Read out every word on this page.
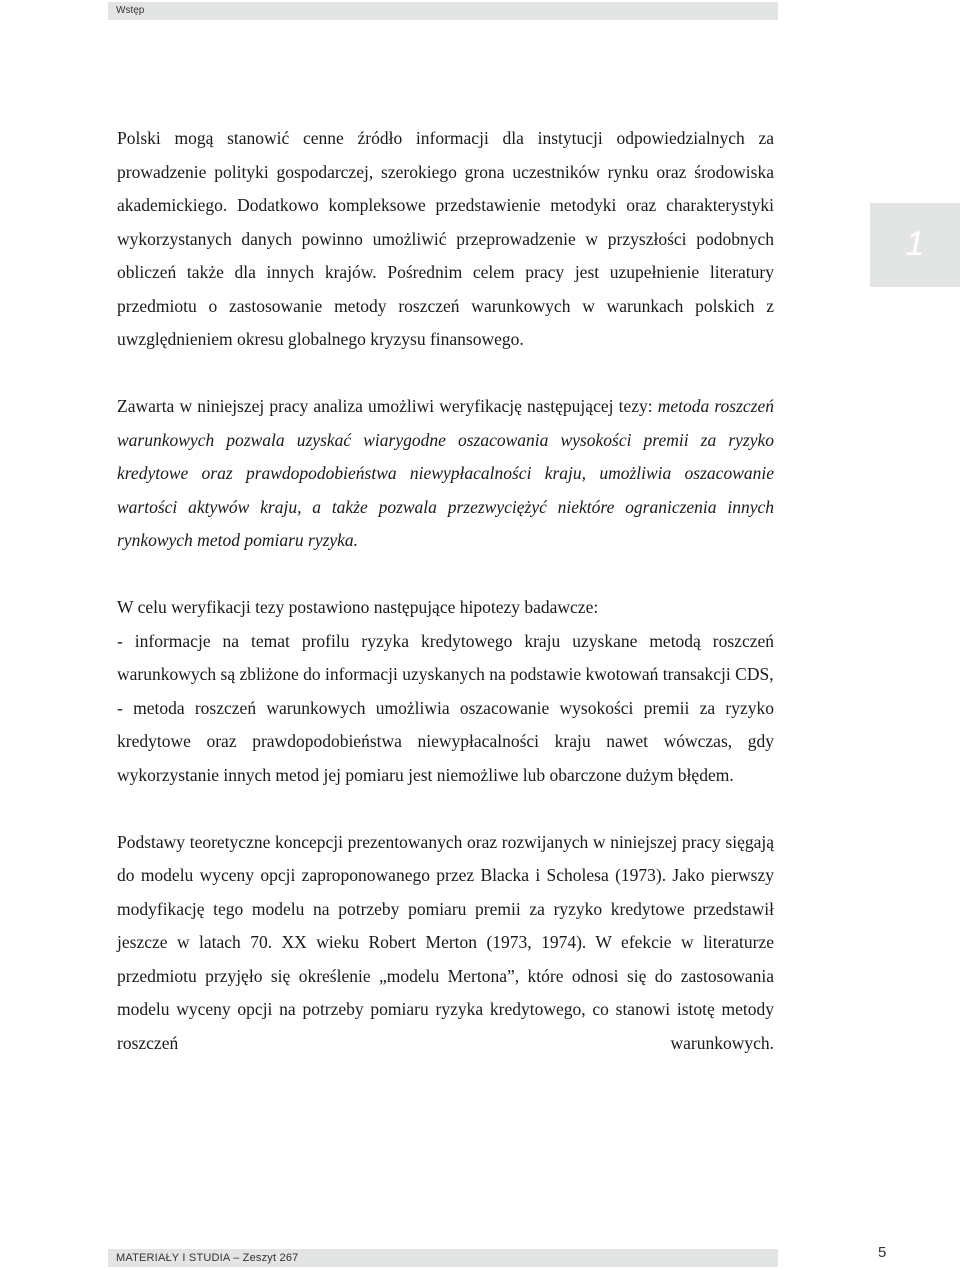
Wstęp
1

Polski mogą stanowić cenne źródło informacji dla instytucji odpowiedzialnych za prowadzenie polityki gospodarczej, szerokiego grona uczestników rynku oraz środowiska akademickiego. Dodatkowo kompleksowe przedstawienie metodyki oraz charakterystyki wykorzystanych danych powinno umożliwić przeprowadzenie w przyszłości podobnych obliczeń także dla innych krajów. Pośrednim celem pracy jest uzupełnienie literatury przedmiotu o zastosowanie metody roszczeń warunkowych w warunkach polskich z uwzględnieniem okresu globalnego kryzysu finansowego.

Zawarta w niniejszej pracy analiza umożliwi weryfikację następującej tezy: metoda roszczeń warunkowych pozwala uzyskać wiarygodne oszacowania wysokości premii za ryzyko kredytowe oraz prawdopodobieństwa niewypłacalności kraju, umożliwia oszacowanie wartości aktywów kraju, a także pozwala przezwyciężyć niektóre ograniczenia innych rynkowych metod pomiaru ryzyka.

W celu weryfikacji tezy postawiono następujące hipotezy badawcze:

- informacje na temat profilu ryzyka kredytowego kraju uzyskane metodą roszczeń warunkowych są zbliżone do informacji uzyskanych na podstawie kwotowań transakcji CDS,

- metoda roszczeń warunkowych umożliwia oszacowanie wysokości premii za ryzyko kredytowe oraz prawdopodobieństwa niewypłacalności kraju nawet wówczas, gdy wykorzystanie innych metod jej pomiaru jest niemożliwe lub obarczone dużym błędem.

Podstawy teoretyczne koncepcji prezentowanych oraz rozwijanych w niniejszej pracy sięgają do modelu wyceny opcji zaproponowanego przez Blacka i Scholesa (1973). Jako pierwszy modyfikację tego modelu na potrzeby pomiaru premii za ryzyko kredytowe przedstawił jeszcze w latach 70. XX wieku Robert Merton (1973, 1974). W efekcie w literaturze przedmiotu przyjęło się określenie „modelu Mertona”, które odnosi się do zastosowania modelu wyceny opcji na potrzeby pomiaru ryzyka kredytowego, co stanowi istotę metody roszczeń warunkowych.

MATERIAŁY I STUDIA – Zeszyt 267	5
